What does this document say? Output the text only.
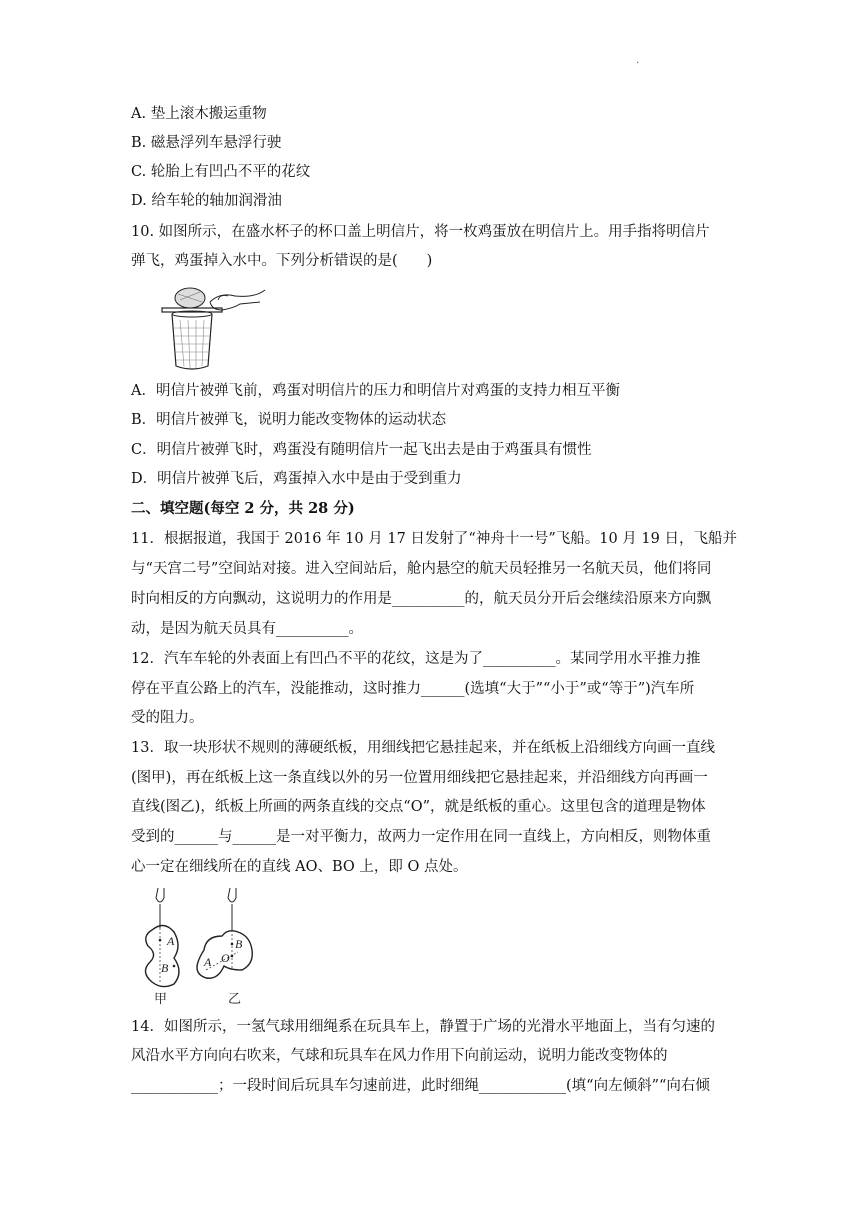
·
A. 垫上滚木搬运重物
B. 磁悬浮列车悬浮行驶
C. 轮胎上有凹凸不平的花纹
D. 给车轮的轴加润滑油
10. 如图所示，在盛水杯子的杯口盖上明信片，将一枚鸡蛋放在明信片上。用手指将明信片
弹飞，鸡蛋掉入水中。下列分析错误的是(　　)
A．明信片被弹飞前，鸡蛋对明信片的压力和明信片对鸡蛋的支持力相互平衡
B．明信片被弹飞，说明力能改变物体的运动状态
C．明信片被弹飞时，鸡蛋没有随明信片一起飞出去是由于鸡蛋具有惯性
D．明信片被弹飞后，鸡蛋掉入水中是由于受到重力
二、填空题(每空 2 分，共 28 分)
11．根据报道，我国于 2016 年 10 月 17 日发射了“神舟十一号”飞船。10 月 19 日，飞船并
与“天宫二号”空间站对接。进入空间站后，舱内悬空的航天员轻推另一名航天员，他们将同
时向相反的方向飘动，这说明力的作用是__________的，航天员分开后会继续沿原来方向飘
动，是因为航天员具有__________。
12．汽车车轮的外表面上有凹凸不平的花纹，这是为了__________。某同学用水平推力推
停在平直公路上的汽车，没能推动，这时推力______(选填“大于”“小于”或“等于”)汽车所
受的阻力。
13．取一块形状不规则的薄硬纸板，用细线把它悬挂起来，并在纸板上沿细线方向画一直线
(图甲)，再在纸板上这一条直线以外的另一位置用细线把它悬挂起来，并沿细线方向再画一
直线(图乙)，纸板上所画的两条直线的交点“O”，就是纸板的重心。这里包含的道理是物体
受到的______与______是一对平衡力，故两力一定作用在同一直线上，方向相反，则物体重
心一定在细线所在的直线 AO、BO 上，即 O 点处。
A
B
甲
B
O
A
乙
14．如图所示，一氢气球用细绳系在玩具车上，静置于广场的光滑水平地面上，当有匀速的
风沿水平方向向右吹来，气球和玩具车在风力作用下向前运动，说明力能改变物体的
____________；一段时间后玩具车匀速前进，此时细绳____________(填“向左倾斜”“向右倾
